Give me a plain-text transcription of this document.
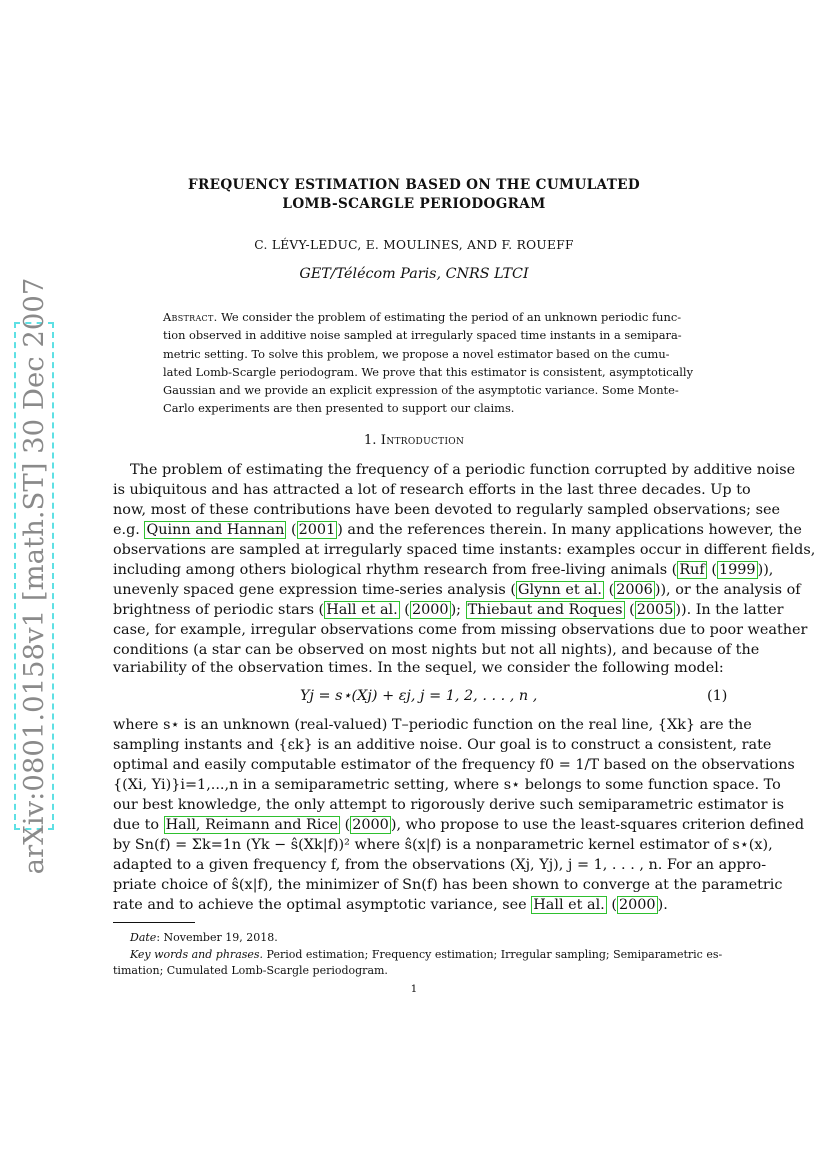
arXiv:0801.0158v1 [math.ST] 30 Dec 2007
FREQUENCY ESTIMATION BASED ON THE CUMULATED
LOMB-SCARGLE PERIODOGRAM
C. LÉVY-LEDUC, E. MOULINES, AND F. ROUEFF
GET/Télécom Paris, CNRS LTCI
Abstract. We consider the problem of estimating the period of an unknown periodic func-
tion observed in additive noise sampled at irregularly spaced time instants in a semipara-
metric setting. To solve this problem, we propose a novel estimator based on the cumu-
lated Lomb-Scargle periodogram. We prove that this estimator is consistent, asymptotically
Gaussian and we provide an explicit expression of the asymptotic variance. Some Monte-
Carlo experiments are then presented to support our claims.
1. Introduction
The problem of estimating the frequency of a periodic function corrupted by additive noise
is ubiquitous and has attracted a lot of research efforts in the last three decades. Up to
now, most of these contributions have been devoted to regularly sampled observations; see
e.g. Quinn and Hannan ( 2001 ) and the references therein. In many applications however, the
observations are sampled at irregularly spaced time instants: examples occur in different fields,
including among others biological rhythm research from free-living animals ( Ruf ( 1999 )),
unevenly spaced gene expression time-series analysis ( Glynn et al. ( 2006 )), or the analysis of
brightness of periodic stars ( Hall et al. ( 2000 ); Thiebaut and Roques ( 2005 )). In the latter
case, for example, irregular observations come from missing observations due to poor weather
conditions (a star can be observed on most nights but not all nights), and because of the
variability of the observation times. In the sequel, we consider the following model:
Yj = s⋆(Xj) + εj, j = 1, 2, . . . , n ,	(1)
where s⋆ is an unknown (real-valued) T–periodic function on the real line, {Xk} are the
sampling instants and {εk} is an additive noise. Our goal is to construct a consistent, rate
optimal and easily computable estimator of the frequency f0 = 1/T based on the observations
{(Xi, Yi)}i=1,...,n in a semiparametric setting, where s⋆ belongs to some function space. To
our best knowledge, the only attempt to rigorously derive such semiparametric estimator is
due to Hall, Reimann and Rice ( 2000 ), who propose to use the least-squares criterion defined
by Sn(f) = Σk=1n (Yk − ŝ(Xk|f))² where ŝ(x|f) is a nonparametric kernel estimator of s⋆(x),
adapted to a given frequency f, from the observations (Xj, Yj), j = 1, . . . , n. For an appro-
priate choice of ŝ(x|f), the minimizer of Sn(f) has been shown to converge at the parametric
rate and to achieve the optimal asymptotic variance, see Hall et al. ( 2000 ).
Date: November 19, 2018.
Key words and phrases. Period estimation; Frequency estimation; Irregular sampling; Semiparametric es-
timation; Cumulated Lomb-Scargle periodogram.
1
